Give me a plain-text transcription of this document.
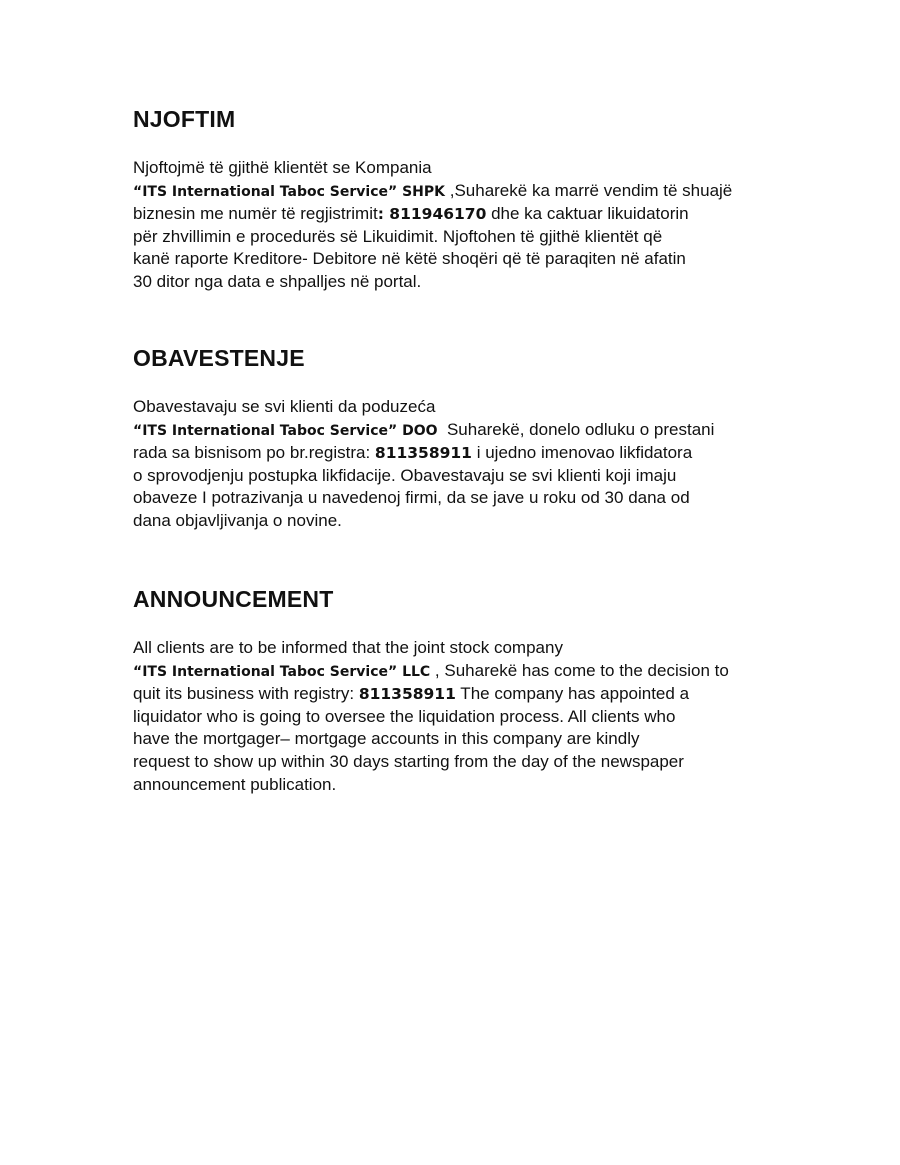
NJOFTIM
Njoftojmë të gjithë klientët se Kompania
“ITS International Taboc Service” SHPK ,Suharekë ka marrë vendim të shuajë
biznesin me numër të regjistrimit: 811946170 dhe ka caktuar likuidatorin
për zhvillimin e procedurës së Likuidimit. Njoftohen të gjithë klientët që
kanë raporte Kreditore- Debitore në këtë shoqëri që të paraqiten në afatin
30 ditor nga data e shpalljes në portal.
OBAVESTENJE
Obavestavaju se svi klienti da poduzeća
“ITS International Taboc Service” DOO  Suharekë, donelo odluku o prestani
rada sa bisnisom po br.registra: 811358911 i ujedno imenovao likfidatora
o sprovodjenju postupka likfidacije. Obavestavaju se svi klienti koji imaju
obaveze I potrazivanja u navedenoj firmi, da se jave u roku od 30 dana od
dana objavljivanja o novine.
ANNOUNCEMENT
All clients are to be informed that the joint stock company
“ITS International Taboc Service” LLC , Suharekë has come to the decision to
quit its business with registry: 811358911 The company has appointed a
liquidator who is going to oversee the liquidation process. All clients who
have the mortgager– mortgage accounts in this company are kindly
request to show up within 30 days starting from the day of the newspaper
announcement publication.
